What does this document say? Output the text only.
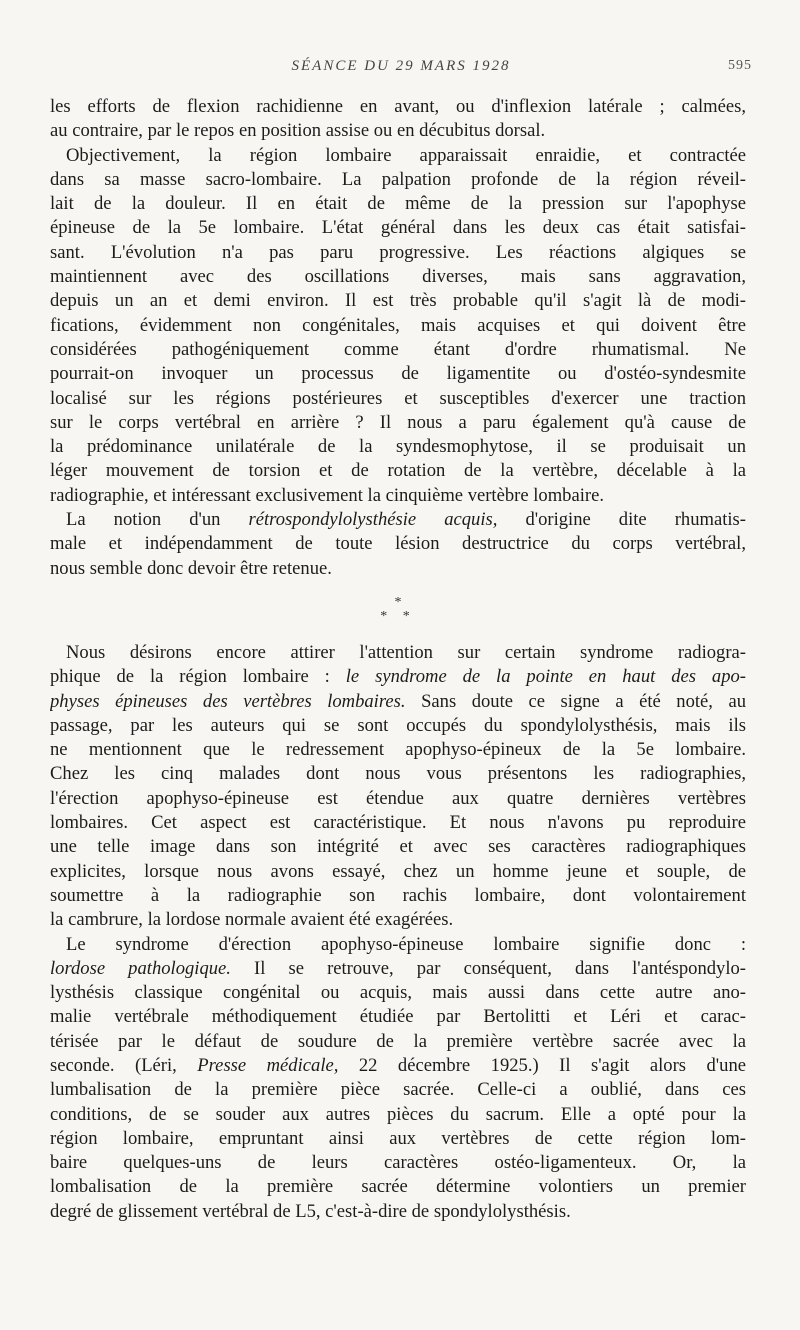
SÉANCE DU 29 MARS 1928	595
les efforts de flexion rachidienne en avant, ou d'inflexion latérale ; calmées,
au contraire, par le repos en position assise ou en décubitus dorsal.
Objectivement, la région lombaire apparaissait enraidie, et contractée
dans sa masse sacro-lombaire. La palpation profonde de la région réveil-
lait de la douleur. Il en était de même de la pression sur l'apophyse
épineuse de la 5e lombaire. L'état général dans les deux cas était satisfai-
sant. L'évolution n'a pas paru progressive. Les réactions algiques se
maintiennent avec des oscillations diverses, mais sans aggravation,
depuis un an et demi environ. Il est très probable qu'il s'agit là de modi-
fications, évidemment non congénitales, mais acquises et qui doivent être
considérées pathogéniquement comme étant d'ordre rhumatismal. Ne
pourrait-on invoquer un processus de ligamentite ou d'ostéo-syndesmite
localisé sur les régions postérieures et susceptibles d'exercer une traction
sur le corps vertébral en arrière ? Il nous a paru également qu'à cause de
la prédominance unilatérale de la syndesmophytose, il se produisait un
léger mouvement de torsion et de rotation de la vertèbre, décelable à la
radiographie, et intéressant exclusivement la cinquième vertèbre lombaire.
La notion d'un rétrospondylolysthésie acquis, d'origine dite rhumatis-
male et indépendamment de toute lésion destructrice du corps vertébral,
nous semble donc devoir être retenue.
*
* *
Nous désirons encore attirer l'attention sur certain syndrome radiogra-
phique de la région lombaire : le syndrome de la pointe en haut des apo-
physes épineuses des vertèbres lombaires. Sans doute ce signe a été noté, au
passage, par les auteurs qui se sont occupés du spondylolysthésis, mais ils
ne mentionnent que le redressement apophyso-épineux de la 5e lombaire.
Chez les cinq malades dont nous vous présentons les radiographies,
l'érection apophyso-épineuse est étendue aux quatre dernières vertèbres
lombaires. Cet aspect est caractéristique. Et nous n'avons pu reproduire
une telle image dans son intégrité et avec ses caractères radiographiques
explicites, lorsque nous avons essayé, chez un homme jeune et souple, de
soumettre à la radiographie son rachis lombaire, dont volontairement
la cambrure, la lordose normale avaient été exagérées.
Le syndrome d'érection apophyso-épineuse lombaire signifie donc :
lordose pathologique. Il se retrouve, par conséquent, dans l'antéspondylo-
lysthésis classique congénital ou acquis, mais aussi dans cette autre ano-
malie vertébrale méthodiquement étudiée par Bertolitti et Léri et carac-
térisée par le défaut de soudure de la première vertèbre sacrée avec la
seconde. (Léri, Presse médicale, 22 décembre 1925.) Il s'agit alors d'une
lumbalisation de la première pièce sacrée. Celle-ci a oublié, dans ces
conditions, de se souder aux autres pièces du sacrum. Elle a opté pour la
région lombaire, empruntant ainsi aux vertèbres de cette région lom-
baire quelques-uns de leurs caractères ostéo-ligamenteux. Or, la
lombalisation de la première sacrée détermine volontiers un premier
degré de glissement vertébral de L5, c'est-à-dire de spondylolysthésis.
